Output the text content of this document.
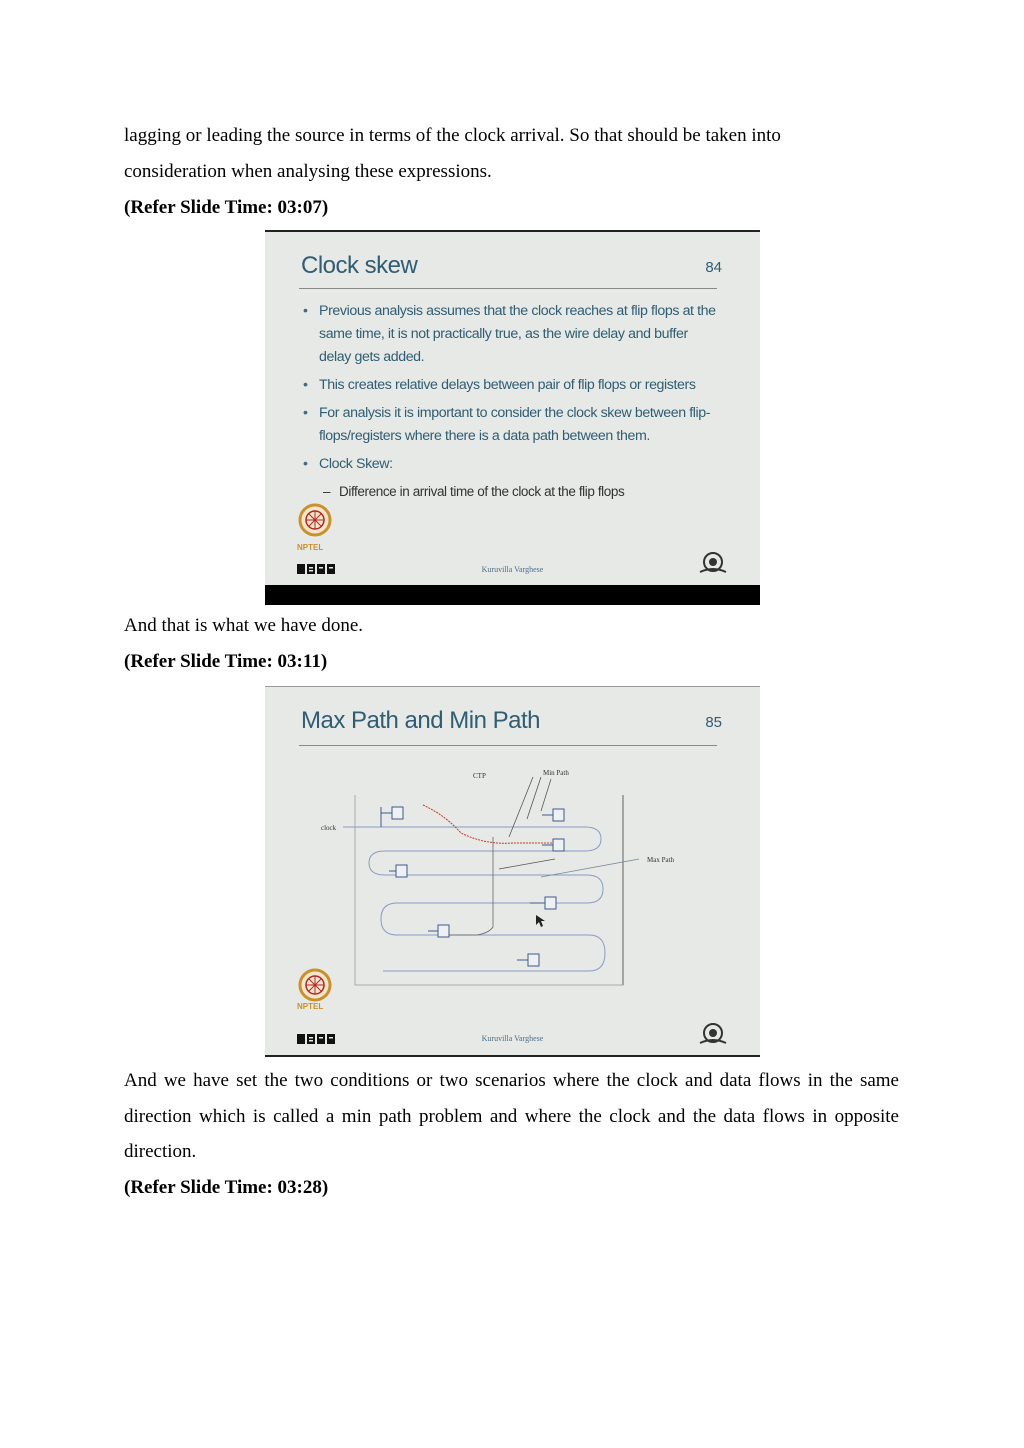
lagging or leading the source in terms of the clock arrival. So that should be taken into
consideration when analysing these expressions.

(Refer Slide Time: 03:07)

Clock skew	84
• Previous analysis assumes that the clock reaches at flip flops at the same time, it is not practically true, as the wire delay and buffer delay gets added.
• This creates relative delays between pair of flip flops or registers
• For analysis it is important to consider the clock skew between flip-flops/registers where there is a data path between them.
• Clock Skew:
– Difference in arrival time of the clock at the flip flops
NPTEL
Kuruvilla Varghese

And that is what we have done.

(Refer Slide Time: 03:11)

Max Path and Min Path	85
CTP	Min Path
Max Path
clock
NPTEL
Kuruvilla Varghese

And we have set the two conditions or two scenarios where the clock and data flows in the same direction which is called a min path problem and where the clock and the data flows in opposite direction.

(Refer Slide Time: 03:28)
